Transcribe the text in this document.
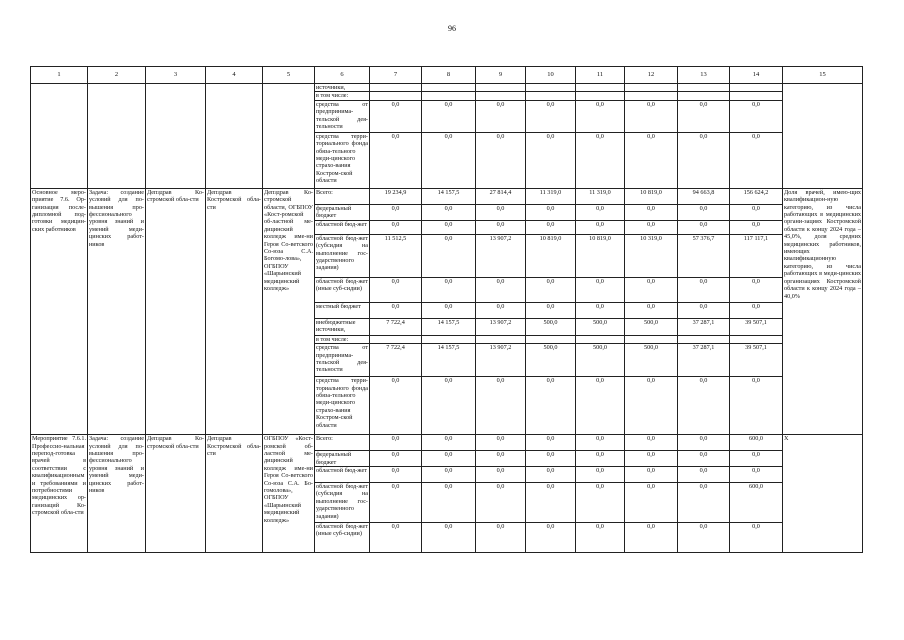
96
1	2	3	4	5	6	7	8	9	10	11	12	13	14	15
					источники,									
					в том числе:									
					средства от предпринима-тельской дея-тельности	0,0	0,0	0,0	0,0	0,0	0,0	0,0	0,0	
					средства терри-ториального фонда обяза-тельного меди-цинского страхо-вания Костром-ской области	0,0	0,0	0,0	0,0	0,0	0,0	0,0	0,0	
Основное меро-приятие 7.6. Ор-ганизация после-дипломной под-готовки медицин-ских работников	Задача: создание условий для по-вышения про-фессионального уровня знаний и умений меди-цинских работ-ников	Депздрав Ко-стромской обла-сти	Депздрав Костромской обла-сти	Депздрав Ко-стромской области, ОГБПОУ «Кост-ромской об-ластной ме-дицинский колледж име-ни Героя Со-ветского Со-юза С.А. Богомо-лова», ОГБПОУ «Шарьинский медицинский колледж»	Всего:	19 234,9	14 157,5	27 814,4	11 319,0	11 319,0	10 819,0	94 663,8	156 624,2	Доля врачей, имею-щих квалификацион-ную категорию, из числа работающих в медицинских органи-зациях Костромской области к концу 2024 года – 45,0%, доля средних медицинских работников, имеющих квалификационную категорию, из числа работающих в меди-цинских организациях Костромской области к концу 2024 года – 40,0%
					федеральный бюджет	0,0	0,0	0,0	0,0	0,0	0,0	0,0	0,0	
					областной бюд-жет	0,0	0,0	0,0	0,0	0,0	0,0	0,0	0,0	
					областной бюд-жет (субсидия на выполнение гос-ударственного задания)	11 512,5	0,0	13 907,2	10 819,0	10 819,0	10 319,0	57 376,7	117 117,1	
					областной бюд-жет (иные суб-сидии)	0,0	0,0	0,0	0,0	0,0	0,0	0,0	0,0	
					местный бюджет	0,0	0,0	0,0	0,0	0,0	0,0	0,0	0,0	
					внебюджетные источники,	7 722,4	14 157,5	13 907,2	500,0	500,0	500,0	37 287,1	39 507,1	
					в том числе:									
					средства от предпринима-тельской дея-тельности	7 722,4	14 157,5	13 907,2	500,0	500,0	500,0	37 287,1	39 507,1	
					средства терри-ториального фонда обяза-тельного меди-цинского страхо-вания Костром-ской области	0,0	0,0	0,0	0,0	0,0	0,0	0,0	0,0	
Мероприятие 7.6.1. Профессио-нальная перепод-готовка врачей в соответствии с квалификационными требованиями и потребностями медицинских ор-ганизаций Ко-стромской обла-сти	Задача: создание условий для по-вышения про-фессионального уровня знаний и умений меди-цинских работ-ников	Депздрав Ко-стромской обла-сти	Депздрав Костромской обла-сти	ОГБПОУ «Кост-ромской об-ластной ме-дицинский колледж име-ни Героя Со-ветского Со-юза С.А. Бо-гомолова», ОГБПОУ «Шарьинский медицинский колледж»	Всего:	0,0	0,0	0,0	0,0	0,0	0,0	0,0	600,0	X
					федеральный бюджет	0,0	0,0	0,0	0,0	0,0	0,0	0,0	0,0	
					областной бюд-жет	0,0	0,0	0,0	0,0	0,0	0,0	0,0	0,0	
					областной бюд-жет (субсидия на выполнение гос-ударственного задания)	0,0	0,0	0,0	0,0	0,0	0,0	0,0	600,0	
					областной бюд-жет (иные суб-сидии)	0,0	0,0	0,0	0,0	0,0	0,0	0,0	0,0	
